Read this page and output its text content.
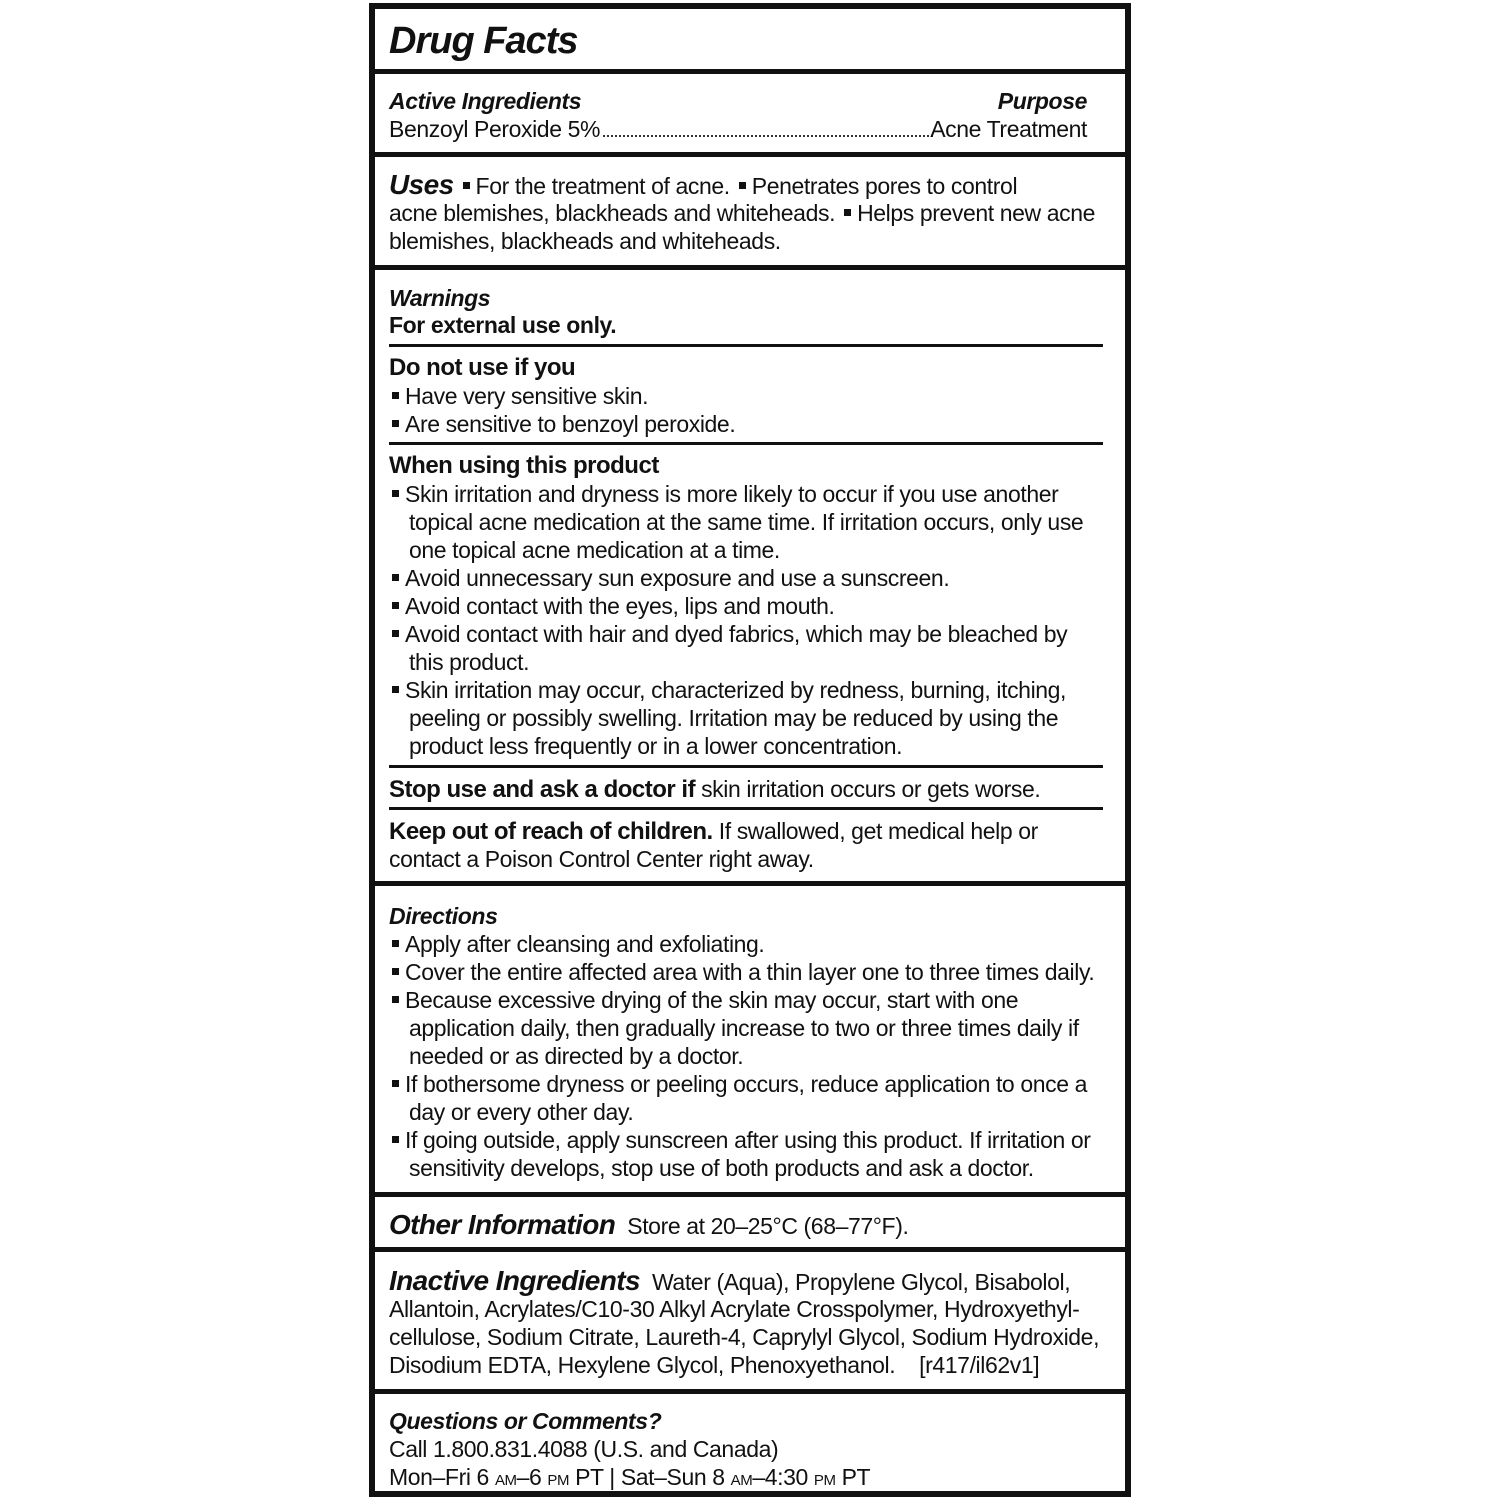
Drug Facts
Active Ingredients	Purpose
Benzoyl Peroxide 5%	Acne Treatment
Uses For the treatment of acne. Penetrates pores to control
acne blemishes, blackheads and whiteheads. Helps prevent new acne
blemishes, blackheads and whiteheads.
Warnings
For external use only.
Do not use if you
Have very sensitive skin.
Are sensitive to benzoyl peroxide.
When using this product
Skin irritation and dryness is more likely to occur if you use another
topical acne medication at the same time. If irritation occurs, only use
one topical acne medication at a time.
Avoid unnecessary sun exposure and use a sunscreen.
Avoid contact with the eyes, lips and mouth.
Avoid contact with hair and dyed fabrics, which may be bleached by
this product.
Skin irritation may occur, characterized by redness, burning, itching,
peeling or possibly swelling. Irritation may be reduced by using the
product less frequently or in a lower concentration.
Stop use and ask a doctor if skin irritation occurs or gets worse.
Keep out of reach of children. If swallowed, get medical help or
contact a Poison Control Center right away.
Directions
Apply after cleansing and exfoliating.
Cover the entire affected area with a thin layer one to three times daily.
Because excessive drying of the skin may occur, start with one
application daily, then gradually increase to two or three times daily if
needed or as directed by a doctor.
If bothersome dryness or peeling occurs, reduce application to once a
day or every other day.
If going outside, apply sunscreen after using this product. If irritation or
sensitivity develops, stop use of both products and ask a doctor.
Other Information Store at 20–25°C (68–77°F).
Inactive Ingredients Water (Aqua), Propylene Glycol, Bisabolol,
Allantoin, Acrylates/C10-30 Alkyl Acrylate Crosspolymer, Hydroxyethyl-
cellulose, Sodium Citrate, Laureth-4, Caprylyl Glycol, Sodium Hydroxide,
Disodium EDTA, Hexylene Glycol, Phenoxyethanol.    [r417/il62v1]
Questions or Comments?
Call 1.800.831.4088 (U.S. and Canada)
Mon–Fri 6 AM–6 PM PT | Sat–Sun 8 AM–4:30 PM PT
